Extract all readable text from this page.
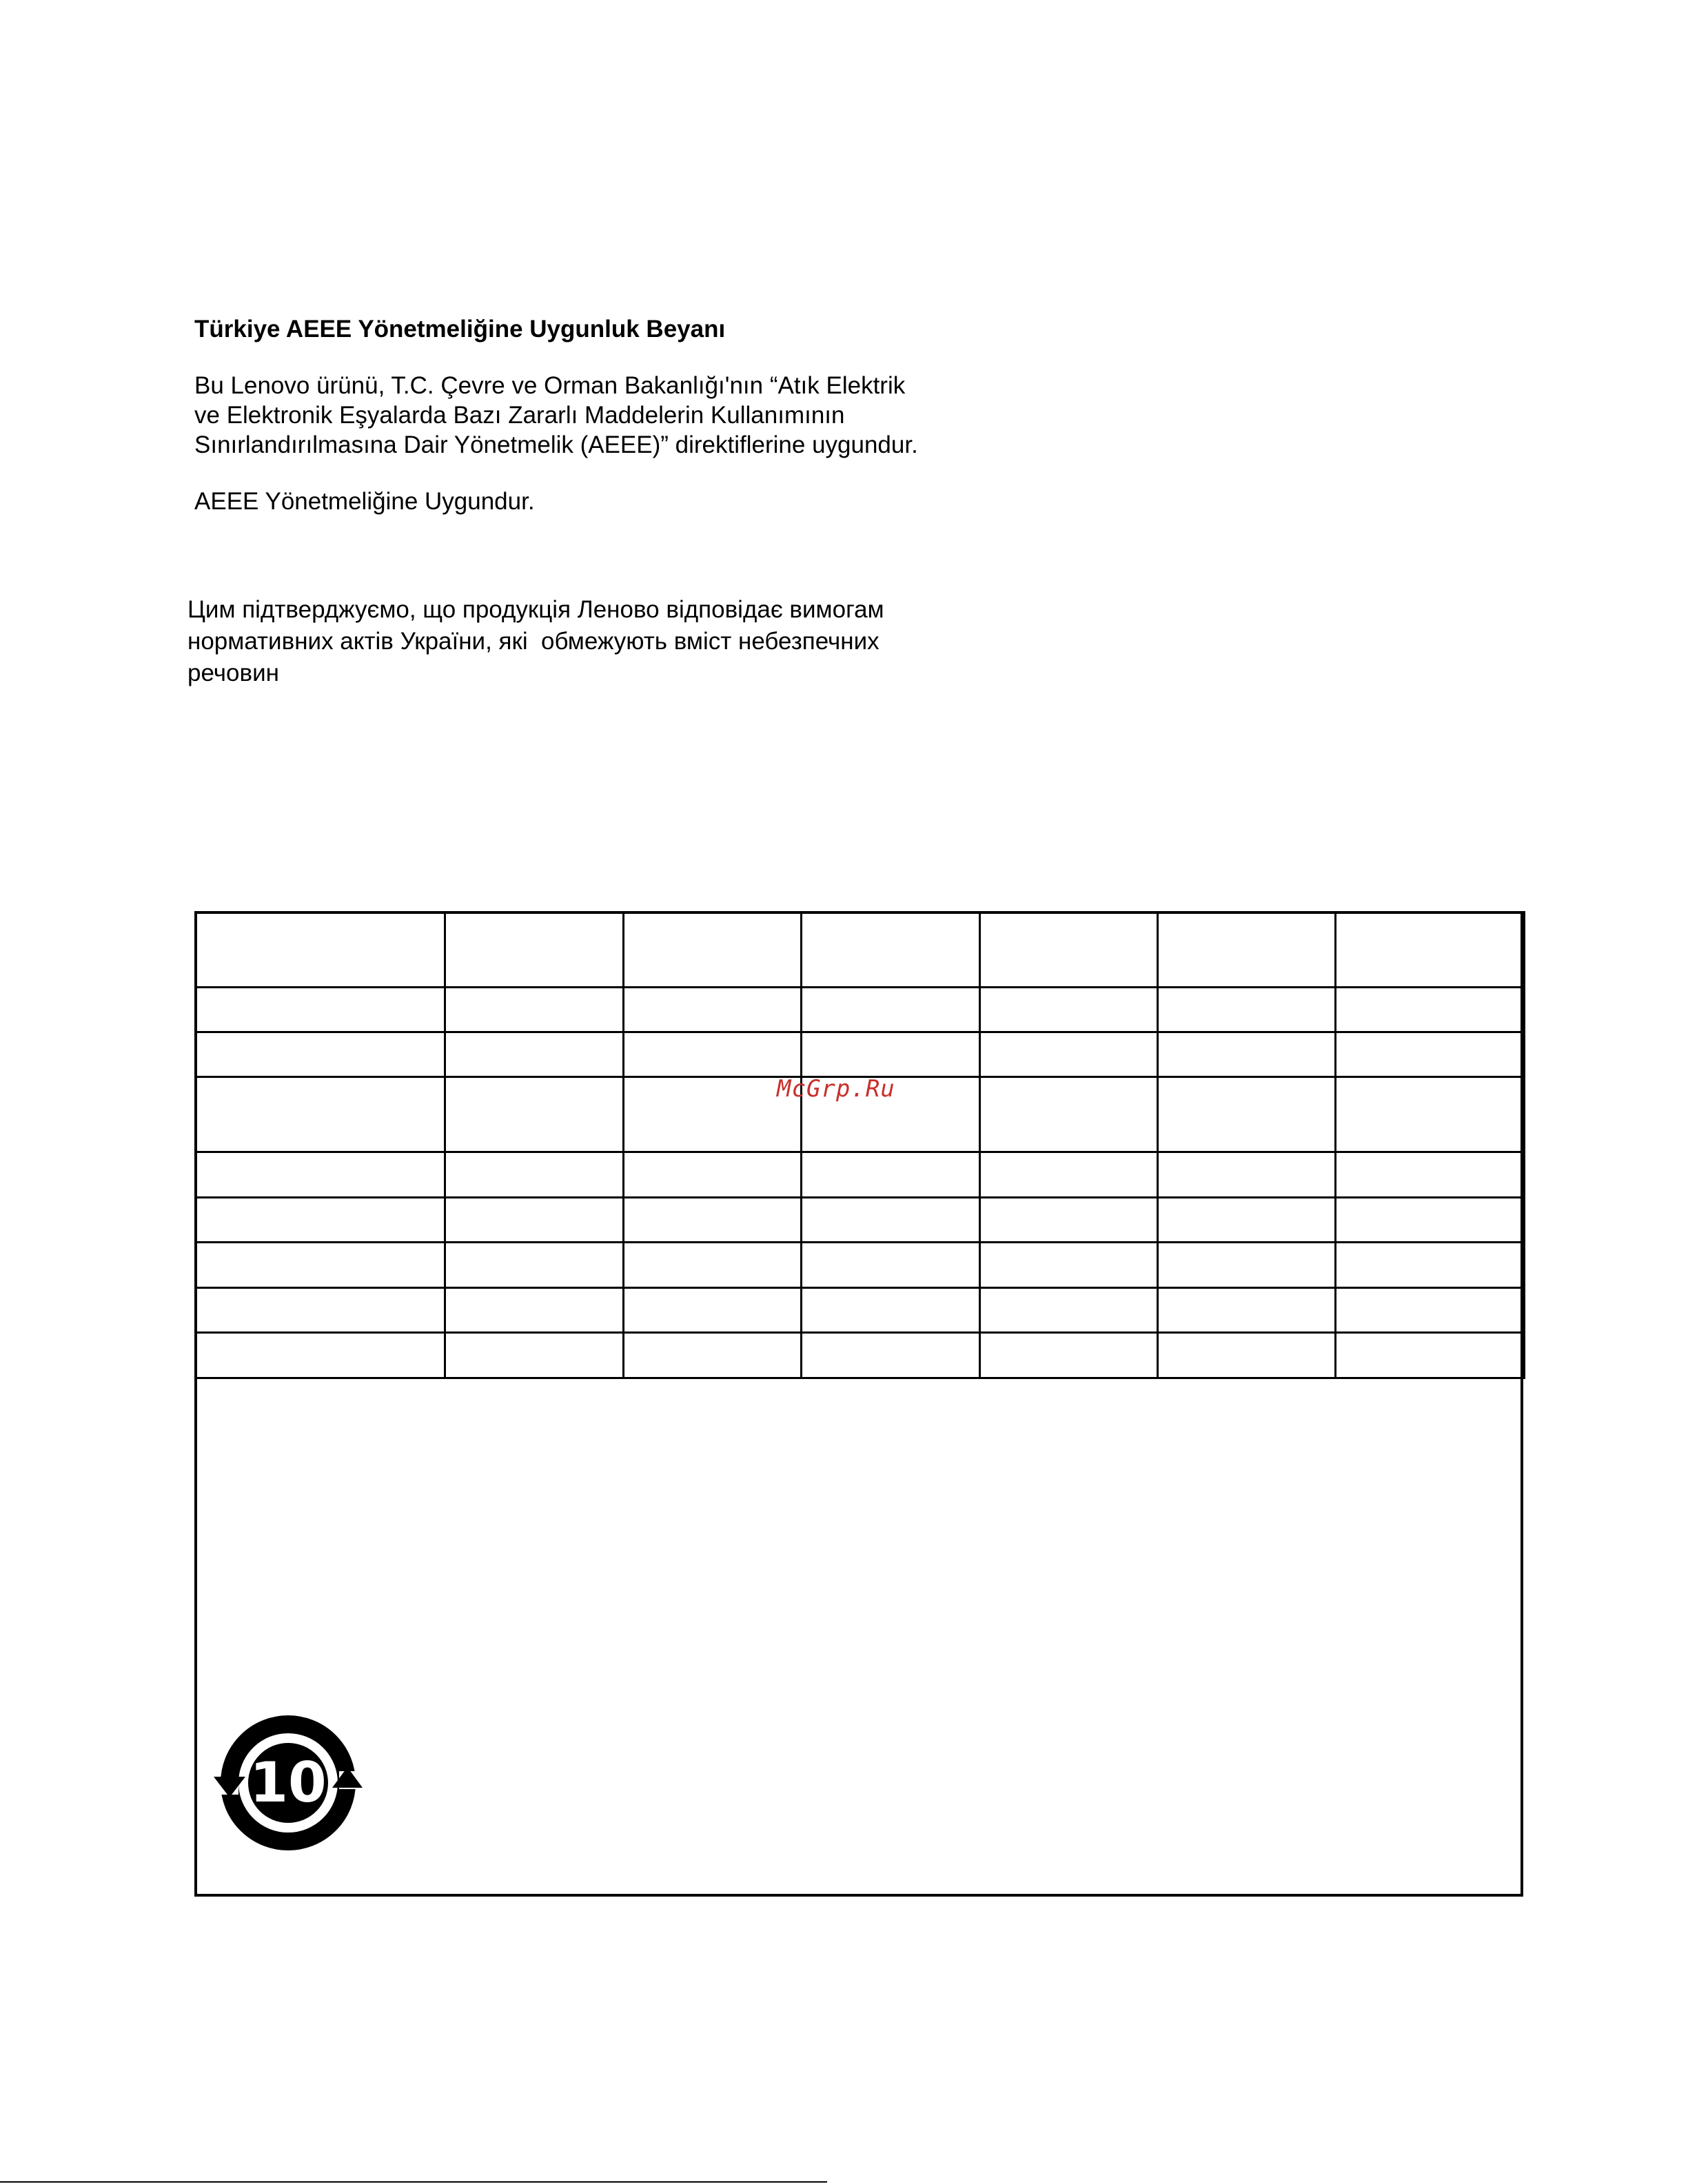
Türkiye AEEE Yönetmeliğine Uygunluk Beyanı
Bu Lenovo ürünü, T.C. Çevre ve Orman Bakanlığı'nın “Atık Elektrik
ve Elektronik Eşyalarda Bazı Zararlı Maddelerin Kullanımının
Sınırlandırılmasına Dair Yönetmelik (AEEE)” direktiflerine uygundur.
AEEE Yönetmeliğine Uygundur.
Цим підтверджуємо, що продукція Леново відповідає вимогам
нормативних актів України, які  обмежують вміст небезпечних
речовин

McGrp.Ru
10
